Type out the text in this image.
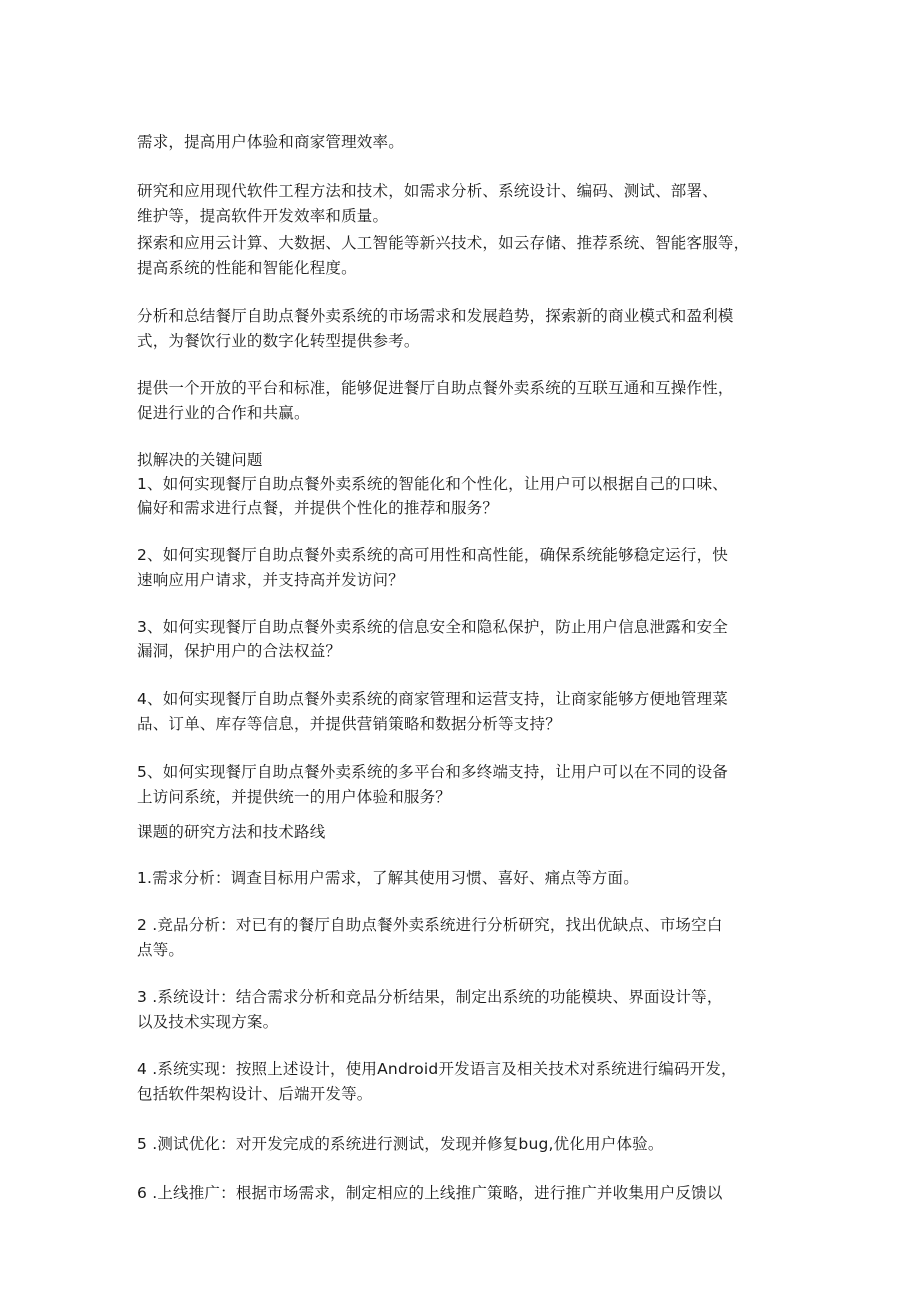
需求，提高用户体验和商家管理效率。
研究和应用现代软件工程方法和技术，如需求分析、系统设计、编码、测试、部署、
维护等，提高软件开发效率和质量。
探索和应用云计算、大数据、人工智能等新兴技术，如云存储、推荐系统、智能客服等，
提高系统的性能和智能化程度。
分析和总结餐厅自助点餐外卖系统的市场需求和发展趋势，探索新的商业模式和盈利模
式，为餐饮行业的数字化转型提供参考。
提供一个开放的平台和标准，能够促进餐厅自助点餐外卖系统的互联互通和互操作性，
促进行业的合作和共赢。
拟解决的关键问题
1、如何实现餐厅自助点餐外卖系统的智能化和个性化，让用户可以根据自己的口味、
偏好和需求进行点餐，并提供个性化的推荐和服务？
2、如何实现餐厅自助点餐外卖系统的高可用性和高性能，确保系统能够稳定运行，快
速响应用户请求，并支持高并发访问？
3、如何实现餐厅自助点餐外卖系统的信息安全和隐私保护，防止用户信息泄露和安全
漏洞，保护用户的合法权益？
4、如何实现餐厅自助点餐外卖系统的商家管理和运营支持，让商家能够方便地管理菜
品、订单、库存等信息，并提供营销策略和数据分析等支持？
5、如何实现餐厅自助点餐外卖系统的多平台和多终端支持，让用户可以在不同的设备
上访问系统，并提供统一的用户体验和服务？
课题的研究方法和技术路线
1.需求分析：调查目标用户需求，了解其使用习惯、喜好、痛点等方面。
2 .竞品分析：对已有的餐厅自助点餐外卖系统进行分析研究，找出优缺点、市场空白
点等。
3 .系统设计：结合需求分析和竞品分析结果，制定出系统的功能模块、界面设计等，
以及技术实现方案。
4 .系统实现：按照上述设计，使用Android开发语言及相关技术对系统进行编码开发，
包括软件架构设计、后端开发等。
5 .测试优化：对开发完成的系统进行测试，发现并修复bug,优化用户体验。
6 .上线推广：根据市场需求，制定相应的上线推广策略，进行推广并收集用户反馈以
